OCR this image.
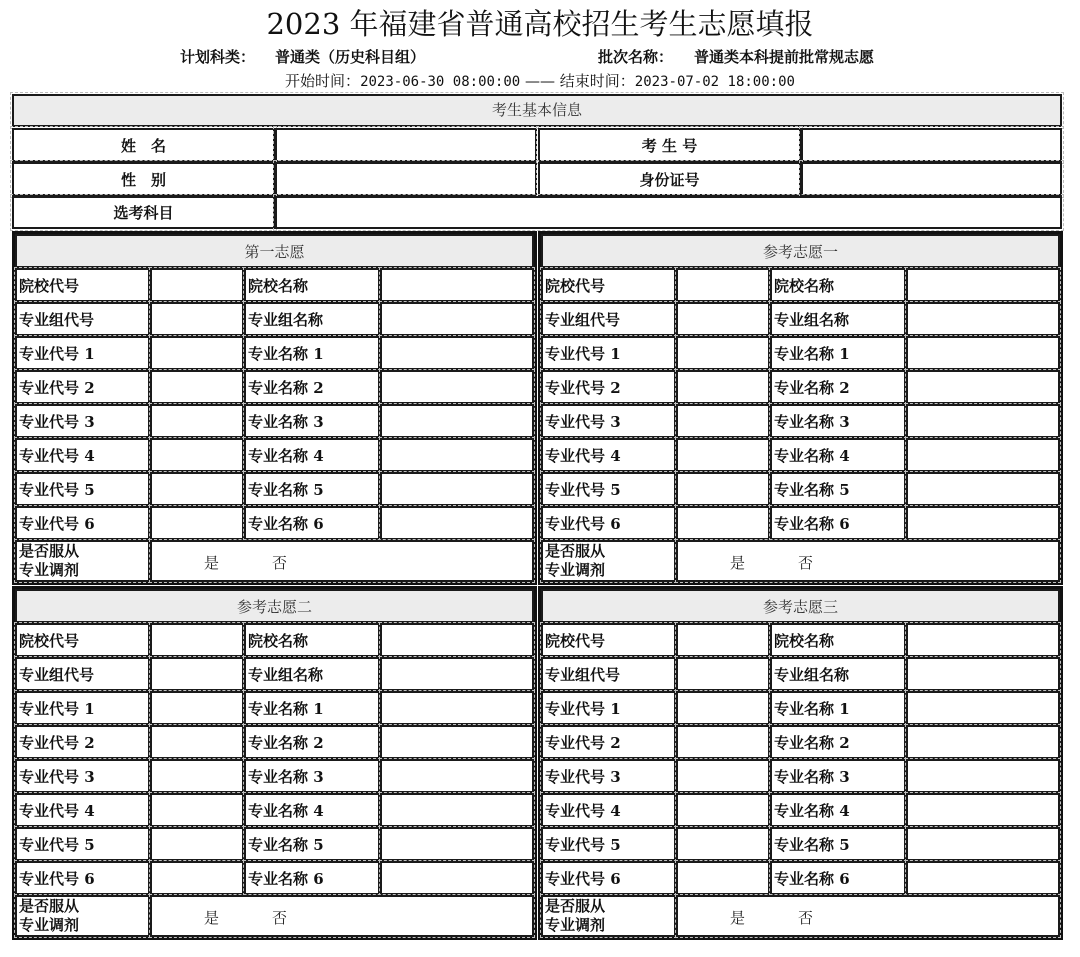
2023 年福建省普通高校招生考生志愿填报
计划科类： 普通类（历史科目组）	批次名称： 普通类本科提前批常规志愿
开始时间：2023-06-30 08:00:00 —— 结束时间：2023-07-02 18:00:00
考生基本信息
姓　名	考 生 号
性　别	身份证号
选考科目
第一志愿
院校代号	院校名称
专业组代号	专业组名称
专业代号 1	专业名称 1
专业代号 2	专业名称 2
专业代号 3	专业名称 3
专业代号 4	专业名称 4
专业代号 5	专业名称 5
专业代号 6	专业名称 6
是否服从
专业调剂	是	否
参考志愿一
院校代号	院校名称
专业组代号	专业组名称
专业代号 1	专业名称 1
专业代号 2	专业名称 2
专业代号 3	专业名称 3
专业代号 4	专业名称 4
专业代号 5	专业名称 5
专业代号 6	专业名称 6
是否服从
专业调剂	是	否
参考志愿二
院校代号	院校名称
专业组代号	专业组名称
专业代号 1	专业名称 1
专业代号 2	专业名称 2
专业代号 3	专业名称 3
专业代号 4	专业名称 4
专业代号 5	专业名称 5
专业代号 6	专业名称 6
是否服从
专业调剂	是	否
参考志愿三
院校代号	院校名称
专业组代号	专业组名称
专业代号 1	专业名称 1
专业代号 2	专业名称 2
专业代号 3	专业名称 3
专业代号 4	专业名称 4
专业代号 5	专业名称 5
专业代号 6	专业名称 6
是否服从
专业调剂	是	否
